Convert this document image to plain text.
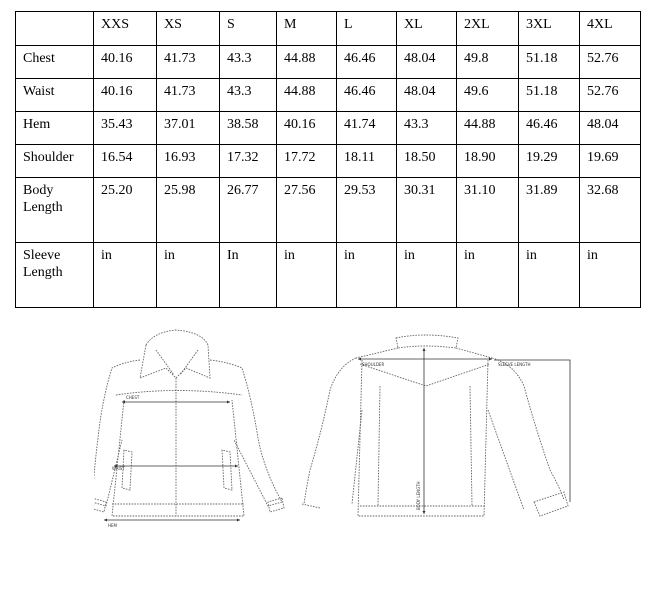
	XXS	XS	S	M	L	XL	2XL	3XL	4XL
Chest	40.16	41.73	43.3	44.88	46.46	48.04	49.8	51.18	52.76
Waist	40.16	41.73	43.3	44.88	46.46	48.04	49.6	51.18	52.76
Hem	35.43	37.01	38.58	40.16	41.74	43.3	44.88	46.46	48.04
Shoulder	16.54	16.93	17.32	17.72	18.11	18.50	18.90	19.29	19.69
Body Length	25.20	25.98	26.77	27.56	29.53	30.31	31.10	31.89	32.68
Sleeve Length	in	in	In	in	in	in	in	in	in
CHEST
WAIST
HEM
SHOULDER	SLEEVE LENGTH
BODY LENGTH
